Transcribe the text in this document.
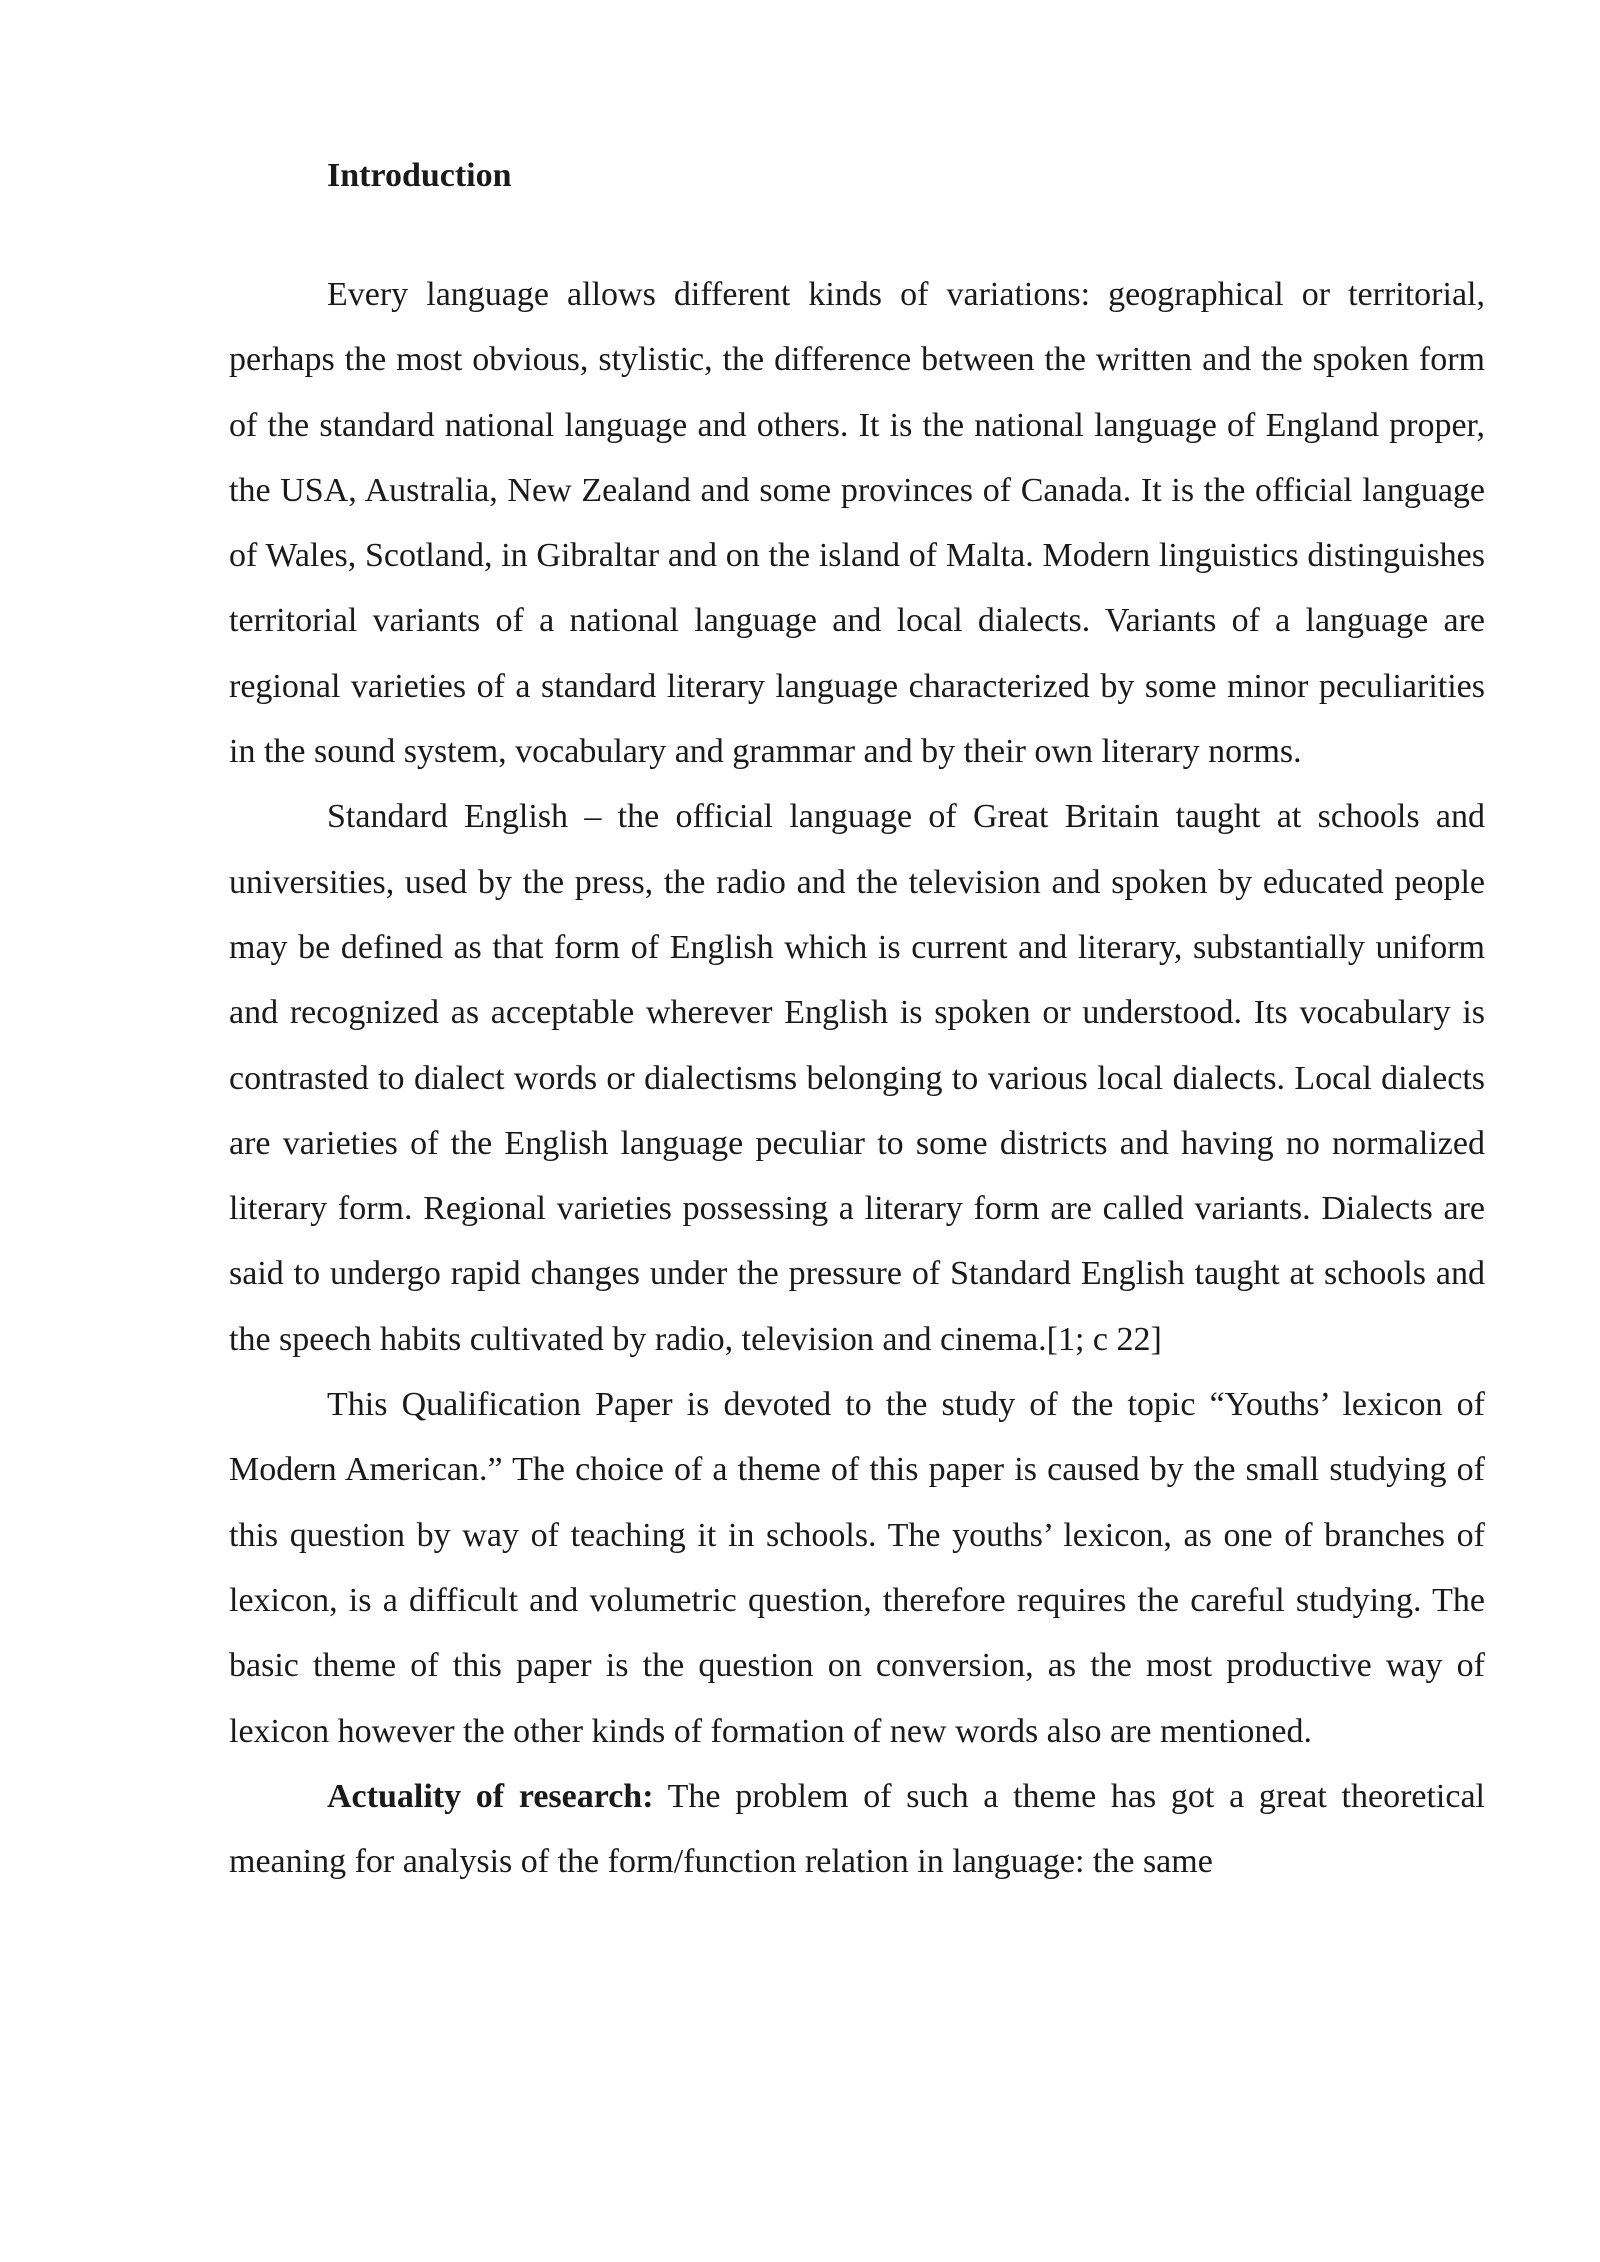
Introduction

Every language allows different kinds of variations: geographical or territorial, perhaps the most obvious, stylistic, the difference between the written and the spoken form of the standard national language and others. It is the national language of England proper, the USA, Australia, New Zealand and some provinces of Canada. It is the official language of Wales, Scotland, in Gibraltar and on the island of Malta. Modern linguistics distinguishes territorial variants of a national language and local dialects. Variants of a language are regional varieties of a standard literary language characterized by some minor peculiarities in the sound system, vocabulary and grammar and by their own literary norms.

Standard English – the official language of Great Britain taught at schools and universities, used by the press, the radio and the television and spoken by educated people may be defined as that form of English which is current and literary, substantially uniform and recognized as acceptable wherever English is spoken or understood. Its vocabulary is contrasted to dialect words or dialectisms belonging to various local dialects. Local dialects are varieties of the English language peculiar to some districts and having no normalized literary form. Regional varieties possessing a literary form are called variants. Dialects are said to undergo rapid changes under the pressure of Standard English taught at schools and the speech habits cultivated by radio, television and cinema.[1; c 22]

This Qualification Paper is devoted to the study of the topic “Youths’ lexicon of Modern American.” The choice of a theme of this paper is caused by the small studying of this question by way of teaching it in schools. The youths’ lexicon, as one of branches of lexicon, is a difficult and volumetric question, therefore requires the careful studying. The basic theme of this paper is the question on conversion, as the most productive way of lexicon however the other kinds of formation of new words also are mentioned.

Actuality of research: The problem of such a theme has got a great theoretical meaning for analysis of the form/function relation in language: the same
